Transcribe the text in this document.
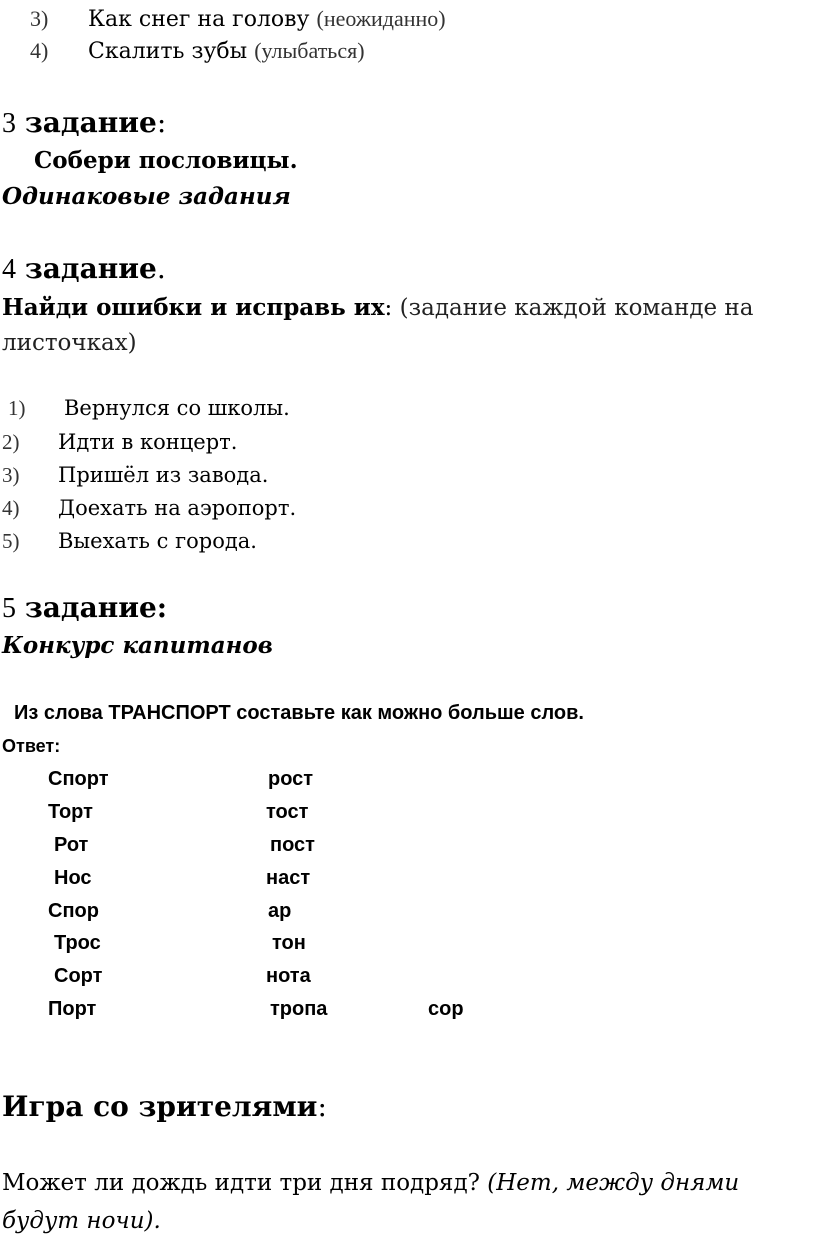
3) Как снег на голову (неожиданно)
4) Скалить зубы (улыбаться)
3 задание:
Собери пословицы.
Одинаковые задания
4 задание.
Найди ошибки и исправь их: (задание каждой команде на
листочках)
1) Вернулся со школы.
2) Идти в концерт.
3) Пришёл из завода.
4) Доехать на аэропорт.
5) Выехать с города.
5 задание:
Конкурс капитанов
Из слова ТРАНСПОРТ составьте как можно больше слов.
Ответ:
Спорт
Торт
Рот
Нос
Спор
Трос
Сорт
Порт
рост
тост
пост
наст
ар
тон
нота
тропа	сор
Игра со зрителями:
Может ли дождь идти три дня подряд? (Нет, между днями
будут ночи).
